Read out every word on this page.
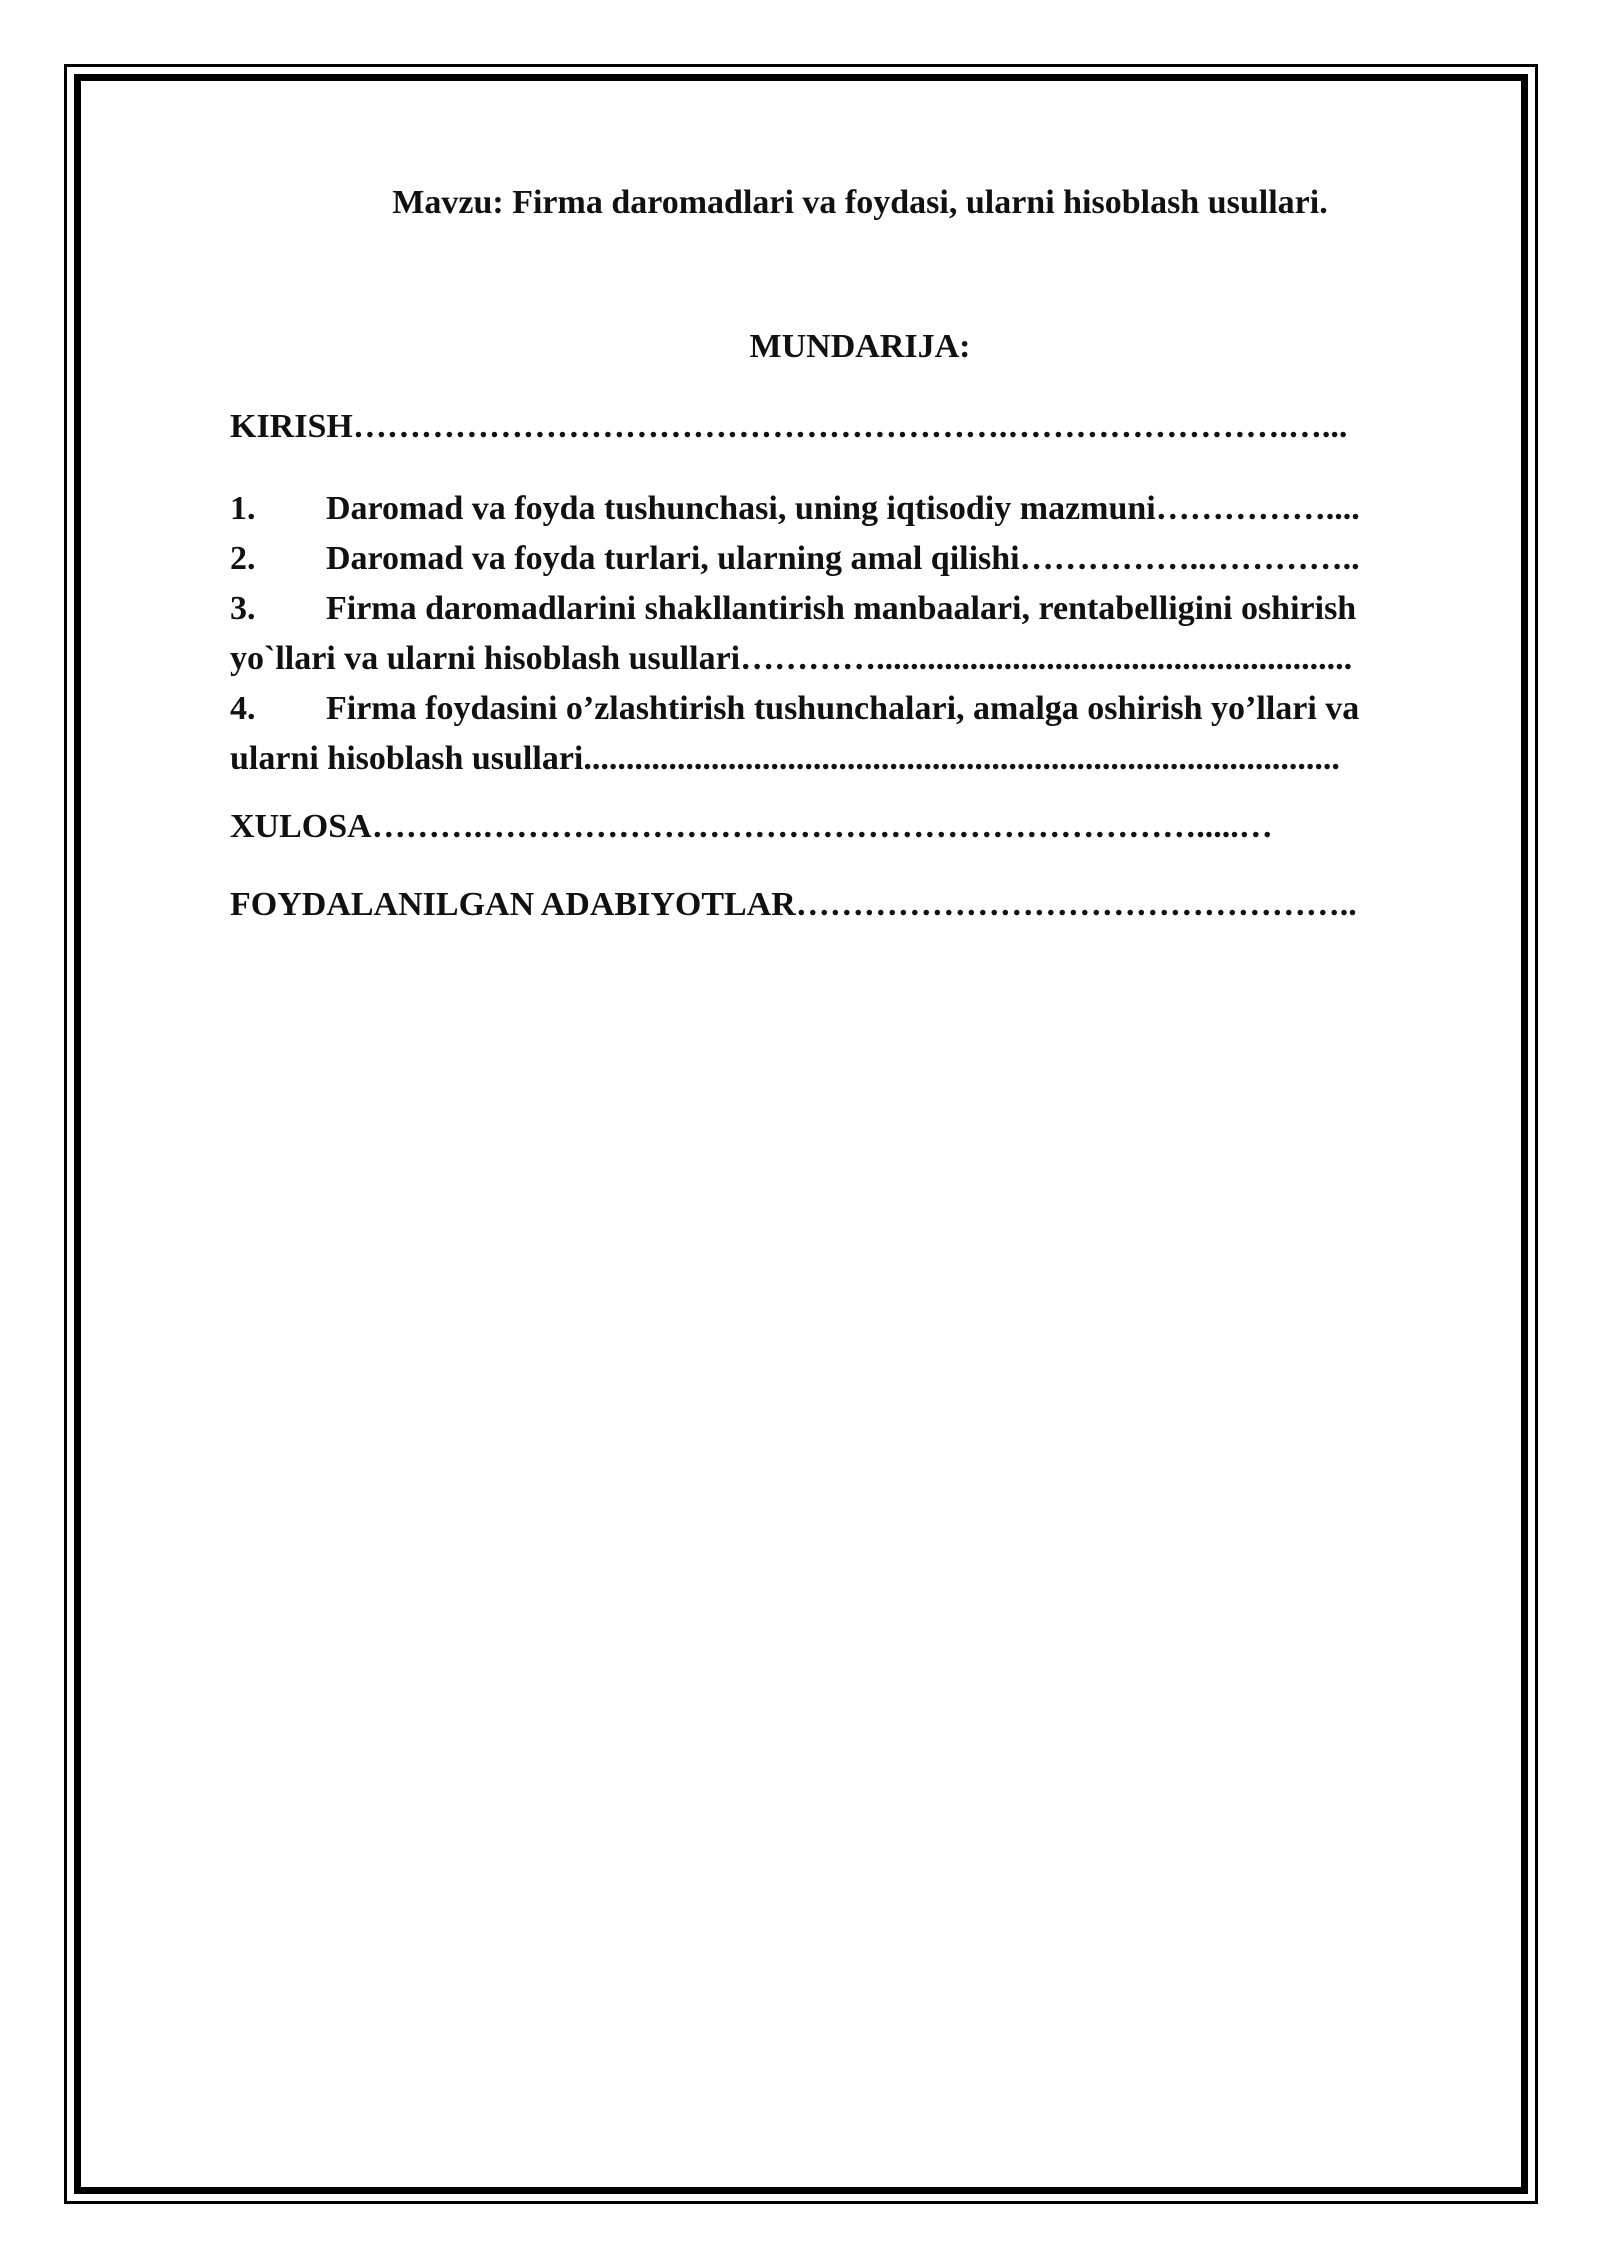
Mavzu: Firma daromadlari va foydasi, ularni hisoblash usullari.
MUNDARIJA:
KIRISH………………………………………………….…………………….…...
1. Daromad va foyda tushunchasi, uning iqtisodiy mazmuni……………....
2. Daromad va foyda turlari, ularning amal qilishi……………..…………..
3. Firma daromadlarini shakllantirish manbaalari, rentabelligini oshirish
yo`llari va ularni hisoblash usullari…………........................................................
4. Firma foydasini o’zlashtirish tushunchalari, amalga oshirish yo’llari va
ularni hisoblash usullari.........................................................................................
XULOSA……….……………………………………………………….....…
FOYDALANILGAN ADABIYOTLAR…………………………………………..
